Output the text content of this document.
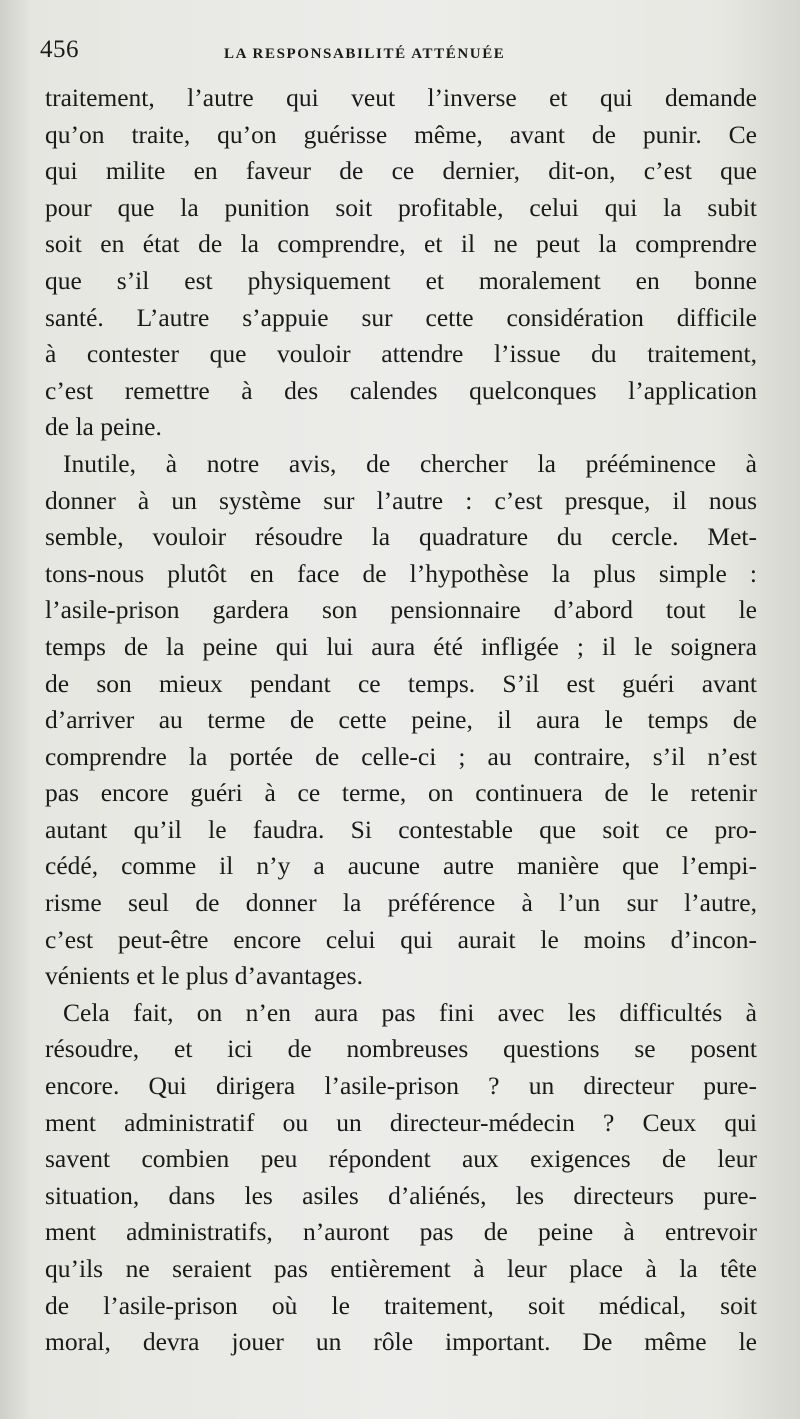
456	LA RESPONSABILITÉ ATTÉNUÉE
traitement, l’autre qui veut l’inverse et qui demande
qu’on traite, qu’on guérisse même, avant de punir. Ce
qui milite en faveur de ce dernier, dit-on, c’est que
pour que la punition soit profitable, celui qui la subit
soit en état de la comprendre, et il ne peut la comprendre
que s’il est physiquement et moralement en bonne
santé. L’autre s’appuie sur cette considération difficile
à contester que vouloir attendre l’issue du traitement,
c’est remettre à des calendes quelconques l’application
de la peine.
Inutile, à notre avis, de chercher la prééminence à
donner à un système sur l’autre : c’est presque, il nous
semble, vouloir résoudre la quadrature du cercle. Met-
tons-nous plutôt en face de l’hypothèse la plus simple :
l’asile-prison gardera son pensionnaire d’abord tout le
temps de la peine qui lui aura été infligée ; il le soignera
de son mieux pendant ce temps. S’il est guéri avant
d’arriver au terme de cette peine, il aura le temps de
comprendre la portée de celle-ci ; au contraire, s’il n’est
pas encore guéri à ce terme, on continuera de le retenir
autant qu’il le faudra. Si contestable que soit ce pro-
cédé, comme il n’y a aucune autre manière que l’empi-
risme seul de donner la préférence à l’un sur l’autre,
c’est peut-être encore celui qui aurait le moins d’incon-
vénients et le plus d’avantages.
Cela fait, on n’en aura pas fini avec les difficultés à
résoudre, et ici de nombreuses questions se posent
encore. Qui dirigera l’asile-prison ? un directeur pure-
ment administratif ou un directeur-médecin ? Ceux qui
savent combien peu répondent aux exigences de leur
situation, dans les asiles d’aliénés, les directeurs pure-
ment administratifs, n’auront pas de peine à entrevoir
qu’ils ne seraient pas entièrement à leur place à la tête
de l’asile-prison où le traitement, soit médical, soit
moral, devra jouer un rôle important. De même le
